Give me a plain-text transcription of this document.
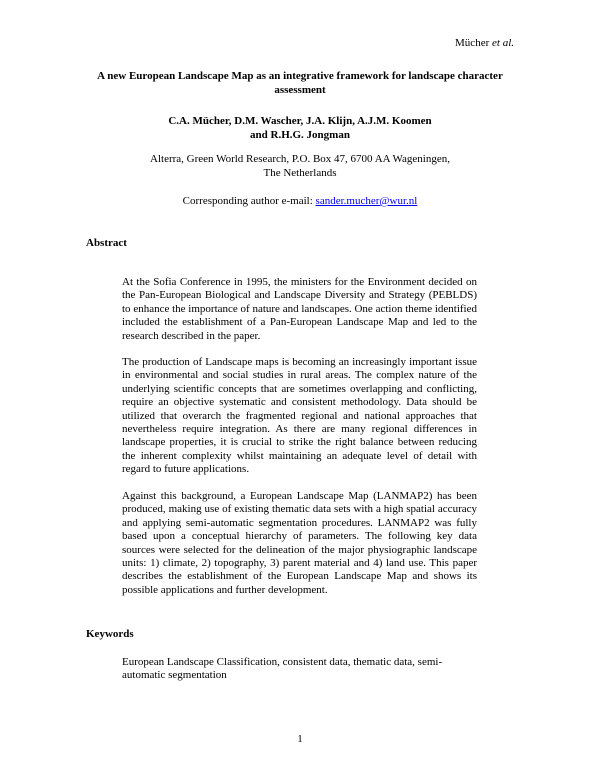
Mücher et al.
A new European Landscape Map as an integrative framework for landscape character assessment
C.A. Mücher, D.M. Wascher, J.A. Klijn, A.J.M. Koomen
and R.H.G. Jongman
Alterra, Green World Research, P.O. Box 47, 6700 AA Wageningen,
The Netherlands
Corresponding author e-mail: sander.mucher@wur.nl
Abstract
At the Sofia Conference in 1995, the ministers for the Environment decided on the Pan-European Biological and Landscape Diversity and Strategy (PEBLDS) to enhance the importance of nature and landscapes. One action theme identified included the establishment of a Pan-European Landscape Map and led to the research described in the paper.
The production of Landscape maps is becoming an increasingly important issue in environmental and social studies in rural areas. The complex nature of the underlying scientific concepts that are sometimes overlapping and conflicting, require an objective systematic and consistent methodology. Data should be utilized that overarch the fragmented regional and national approaches that nevertheless require integration. As there are many regional differences in landscape properties, it is crucial to strike the right balance between reducing the inherent complexity whilst maintaining an adequate level of detail with regard to future applications.
Against this background, a European Landscape Map (LANMAP2) has been produced, making use of existing thematic data sets with a high spatial accuracy and applying semi-automatic segmentation procedures. LANMAP2 was fully based upon a conceptual hierarchy of parameters. The following key data sources were selected for the delineation of the major physiographic landscape units: 1) climate, 2) topography, 3) parent material and 4) land use. This paper describes the establishment of the European Landscape Map and shows its possible applications and further development.
Keywords
European Landscape Classification, consistent data, thematic data, semi-automatic segmentation
1
